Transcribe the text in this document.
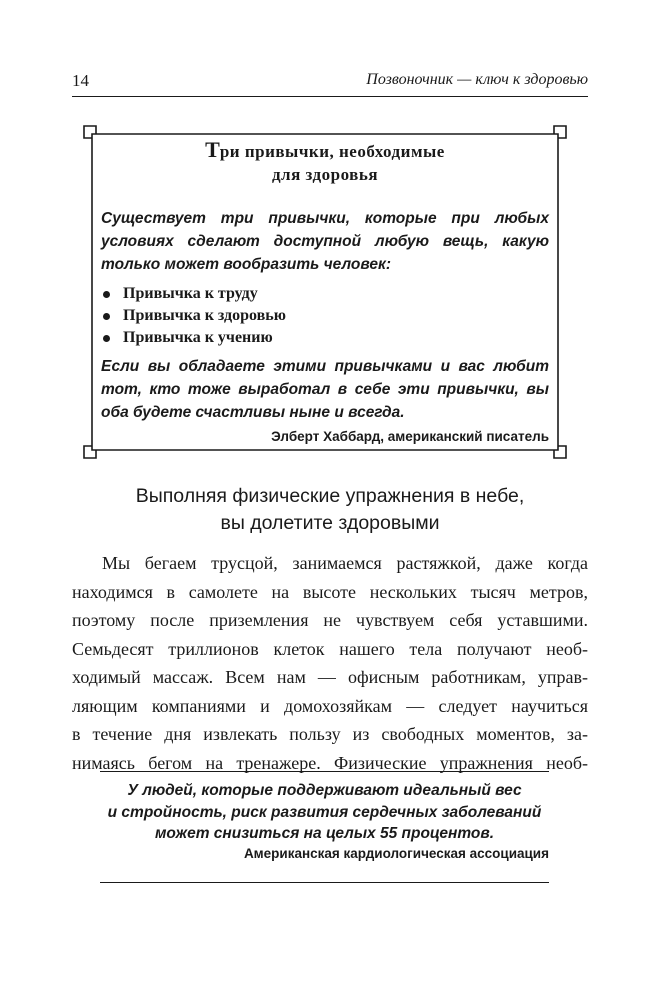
14	Позвоночник — ключ к здоровью
Три привычки, необходимые
для здоровья
Существует три привычки, которые при любых условиях сделают доступной любую вещь, какую только может вообразить человек:
Привычка к труду
Привычка к здоровью
Привычка к учению
Если вы обладаете этими привычками и вас любит тот, кто тоже выработал в себе эти привычки, вы оба будете счастливы ныне и всегда.
Элберт Хаббард, американский писатель
Выполняя физические упражнения в небе,
вы долетите здоровыми
Мы бегаем трусцой, занимаемся растяжкой, даже когда
находимся в самолете на высоте нескольких тысяч метров,
поэтому после приземления не чувствуем себя уставшими.
Семьдесят триллионов клеток нашего тела получают необ-
ходимый массаж. Всем нам — офисным работникам, управ-
ляющим компаниями и домохозяйкам — следует научиться
в течение дня извлекать пользу из свободных моментов, за-
нимаясь бегом на тренажере. Физические упражнения необ-
У людей, которые поддерживают идеальный вес
и стройность, риск развития сердечных заболеваний
может снизиться на целых 55 процентов.
Американская кардиологическая ассоциация
